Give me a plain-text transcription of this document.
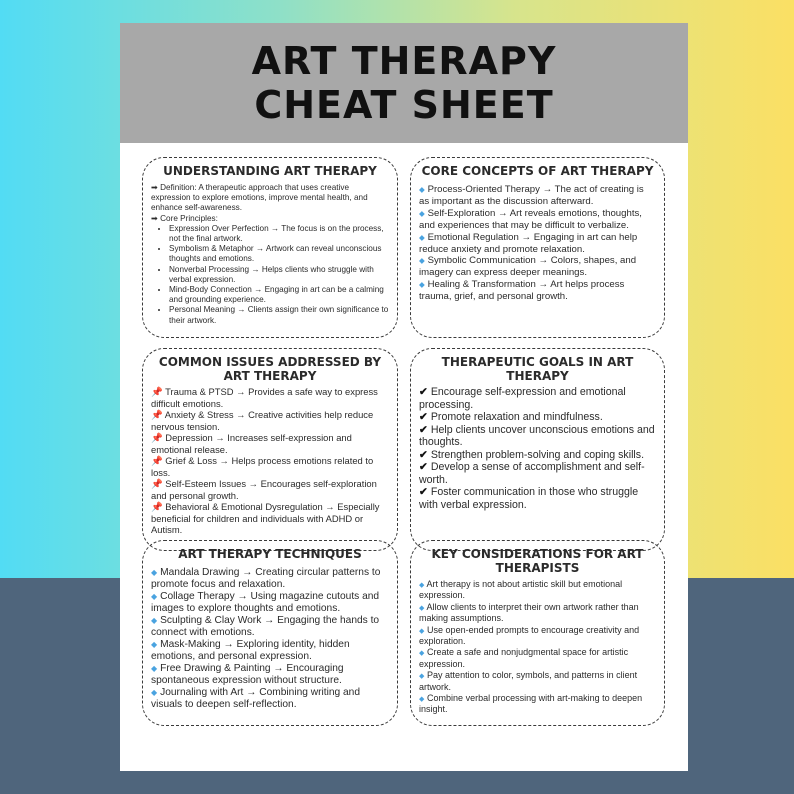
ART THERAPY
CHEAT SHEET
UNDERSTANDING ART THERAPY

➡ Definition: A therapeutic approach that uses creative expression to explore emotions, improve mental health, and enhance self-awareness.

➡ Core Principles:

• Expression Over Perfection → The focus is on the process, not the final artwork.
• Symbolism & Metaphor → Artwork can reveal unconscious thoughts and emotions.
• Nonverbal Processing → Helps clients who struggle with verbal expression.
• Mind-Body Connection → Engaging in art can be a calming and grounding experience.
• Personal Meaning → Clients assign their own significance to their artwork.
CORE CONCEPTS OF ART THERAPY

◆ Process-Oriented Therapy → The act of creating is as important as the discussion afterward.

◆ Self-Exploration → Art reveals emotions, thoughts, and experiences that may be difficult to verbalize.

◆ Emotional Regulation → Engaging in art can help reduce anxiety and promote relaxation.

◆ Symbolic Communication → Colors, shapes, and imagery can express deeper meanings.

◆ Healing & Transformation → Art helps process trauma, grief, and personal growth.

COMMON ISSUES ADDRESSED BY ART THERAPY

📌 Trauma & PTSD → Provides a safe way to express difficult emotions.

📌 Anxiety & Stress → Creative activities help reduce nervous tension.

📌 Depression → Increases self-expression and emotional release.

📌 Grief & Loss → Helps process emotions related to loss.

📌 Self-Esteem Issues → Encourages self-exploration and personal growth.

📌 Behavioral & Emotional Dysregulation → Especially beneficial for children and individuals with ADHD or Autism.

THERAPEUTIC GOALS IN ART THERAPY

✔ Encourage self-expression and emotional processing.

✔ Promote relaxation and mindfulness.

✔ Help clients uncover unconscious emotions and thoughts.

✔ Strengthen problem-solving and coping skills.

✔ Develop a sense of accomplishment and self-worth.

✔ Foster communication in those who struggle with verbal expression.

ART THERAPY TECHNIQUES

◆ Mandala Drawing → Creating circular patterns to promote focus and relaxation.

◆ Collage Therapy → Using magazine cutouts and images to explore thoughts and emotions.

◆ Sculpting & Clay Work → Engaging the hands to connect with emotions.

◆ Mask-Making → Exploring identity, hidden emotions, and personal expression.

◆ Free Drawing & Painting → Encouraging spontaneous expression without structure.

◆ Journaling with Art → Combining writing and visuals to deepen self-reflection.

KEY CONSIDERATIONS FOR ART THERAPISTS

◆ Art therapy is not about artistic skill but emotional expression.

◆ Allow clients to interpret their own artwork rather than making assumptions.

◆ Use open-ended prompts to encourage creativity and exploration.

◆ Create a safe and nonjudgmental space for artistic expression.

◆ Pay attention to color, symbols, and patterns in client artwork.

◆ Combine verbal processing with art-making to deepen insight.
